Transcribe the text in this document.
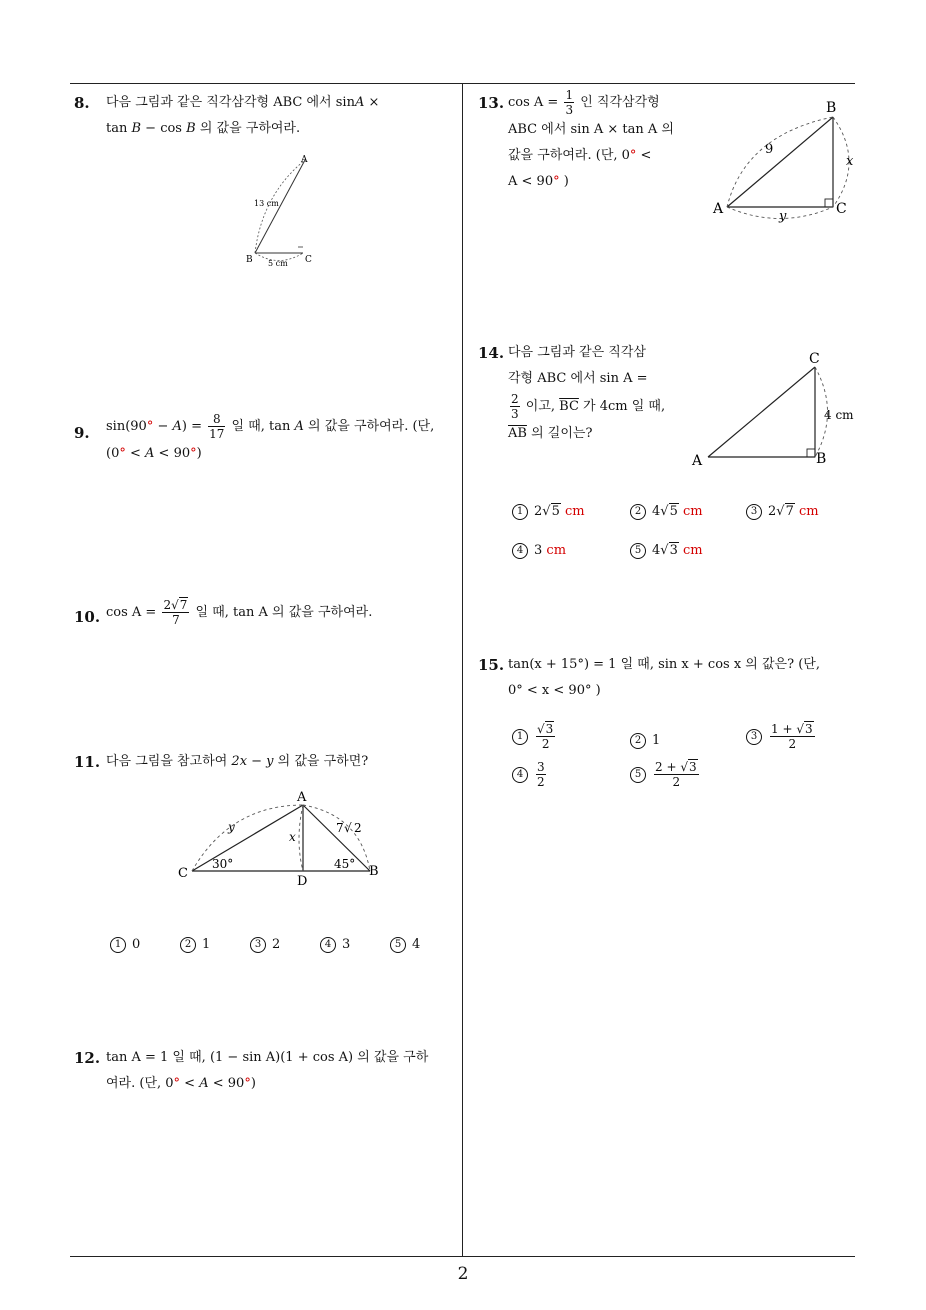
2
8. 다음 그림과 같은 직각삼각형 ABC 에서 sinA ×
tan B − cos B 의 값을 구하여라.
A
B	C
13 cm
5 cm
9. $\sin(90^\circ - A) = \frac{8}{17}$ 일 때, tan A 의 값을 구하여라. (단,
(0° < A < 90°)
10. $\cos A = \frac{2√7}{7}$ 일 때, tan A 의 값을 구하여라.
11. 다음 그림을 참고하여 2x − y 의 값을 구하면?
A
B
C
D
x
y	7 √ 2
30°	45°
1 0	2 1	3 2	4 3	5 4
12. tan A = 1 일 때, (1 − sin A)(1 + cos A) 의 값을 구하
여라. (단, 0° < A < 90°)
13. $\cos A = \frac{1}{3}$ 인 직각삼각형
ABC 에서 sin A × tan A 의
값을 구하여라. (단, 0° <
A < 90° )
A
B
C
9
x
y
14. 다음 그림과 같은 직각삼
각형 ABC 에서 sin A =

$\frac{2}{3}$ 이고, $\overline{BC}$ 가 4cm 일 때,
$\overline{AB}$ 의 길이는?
A	B
C
4 cm
1 2√5 cm	2 4√5 cm	3 2√7 cm
4 3 cm	5 4√3 cm
15. tan(x + 15°) = 1 일 때, sin x + cos x 의 값은? (단,
0° < x < 90° )
$1 \frac{√3}{2}$	2 1	$3 \frac{1 + √3}{2}$
$4 \frac{3}{2}$	$5 \frac{2 + √3}{2}$
